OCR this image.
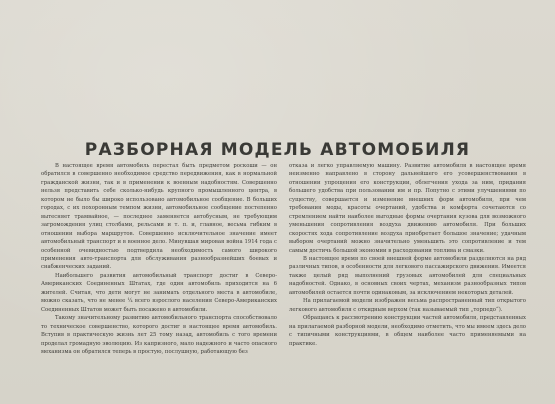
РАЗБОРНАЯ МОДЕЛЬ АВТОМОБИЛЯ

В настоящее время автомобиль перестал быть предметом роскоши — он обратился в совершенно необходимое средство передвижения, как в нормальной гражданской жизни, так и в применении к военным надобностям. Совершенно нельзя представить себе сколько-нибудь крупного промышленного центра, в котором не было бы широко использовано автомобильное сообщение. В больших городах, с их похоронным темпом жизни, автомобильное сообщение постепенно вытесняет трамвайное, — последнее заменяется автобусным, не требующим загромождения улиц столбами, рельсами и т. п. и, главное, весьма гибким в отношении выбора маршрутов. Совершенно исключительное значение имеет автомобильный транспорт и в военное дело. Минувшая мировая война 1914 года с особенной очевидностью подтвердила необходимость самого широкого применения авто-транспорта для обслуживания разнообразнейших боевых и снабженческих заданий.

Наибольшего развития автомобильный транспорт достиг в Северо-Американских Соединенных Штатах, где один автомобиль приходится на 6 жителей. Считая, что дети могут не занимать отдельного места в автомобиле, можно сказать, что не менее ¼ всего взрослого населения Северо-Американских Соединенных Штатов может быть посажено в автомобили.

Такому значительному развитию автомобильного транспорта способствовало то техническое совершенство, которого достиг в настоящее время автомобиль. Вступив в практическую жизнь лет 25 тому назад, автомобиль с того времени проделал громадную эволюцию. Из капризного, мало надежного и часто опасного механизма он обратился теперь в простую, послушную, работающую без

отказа и легко управляемую машину. Развитие автомобиля в настоящее время неизменно направлено в сторону дальнейшего его усовершенствования в отношении упрощения его конструкции, облегчения ухода за ним, придания большего удобства при пользовании им и пр. Попутно с этими улучшениями по существу, совершается и изменение внешних форм автомобиля, при чем требования моды, красоты очертаний, удобства и комфорта сочетаются со стремлением найти наиболее выгодные формы очертания кузова для возможного уменьшения сопротивления воздуха движению автомобиля. При больших скоростях хода сопротивление воздуха приобретает большое значение; удачным выбором очертаний можно значительно уменьшить это сопротивление и тем самым достичь большой экономии в расходовании топлива и смазки.

В настоящее время по своей внешней форме автомобили разделяются на ряд различных типов, в особенности для легкового пассажирского движения. Имеется также целый ряд выполнений грузовых автомобилей для специальных надобностей. Однако, в основных своих чертах, механизм разнообразных типов автомобилей остается почти одинаковым, за исключением некоторых деталей.

На прилагаемой модели изображен весьма распространенный тип открытого легкового автомобиля с откидным верхом (так называемый тип „торпедо“).

Обращаясь к рассмотрению конструкции частей автомобиля, представленных на прилагаемой разборной модели, необходимо отметить, что мы имеем здесь дело с типичными конструкциями, в общем наиболее часто применяемыми на практике.
